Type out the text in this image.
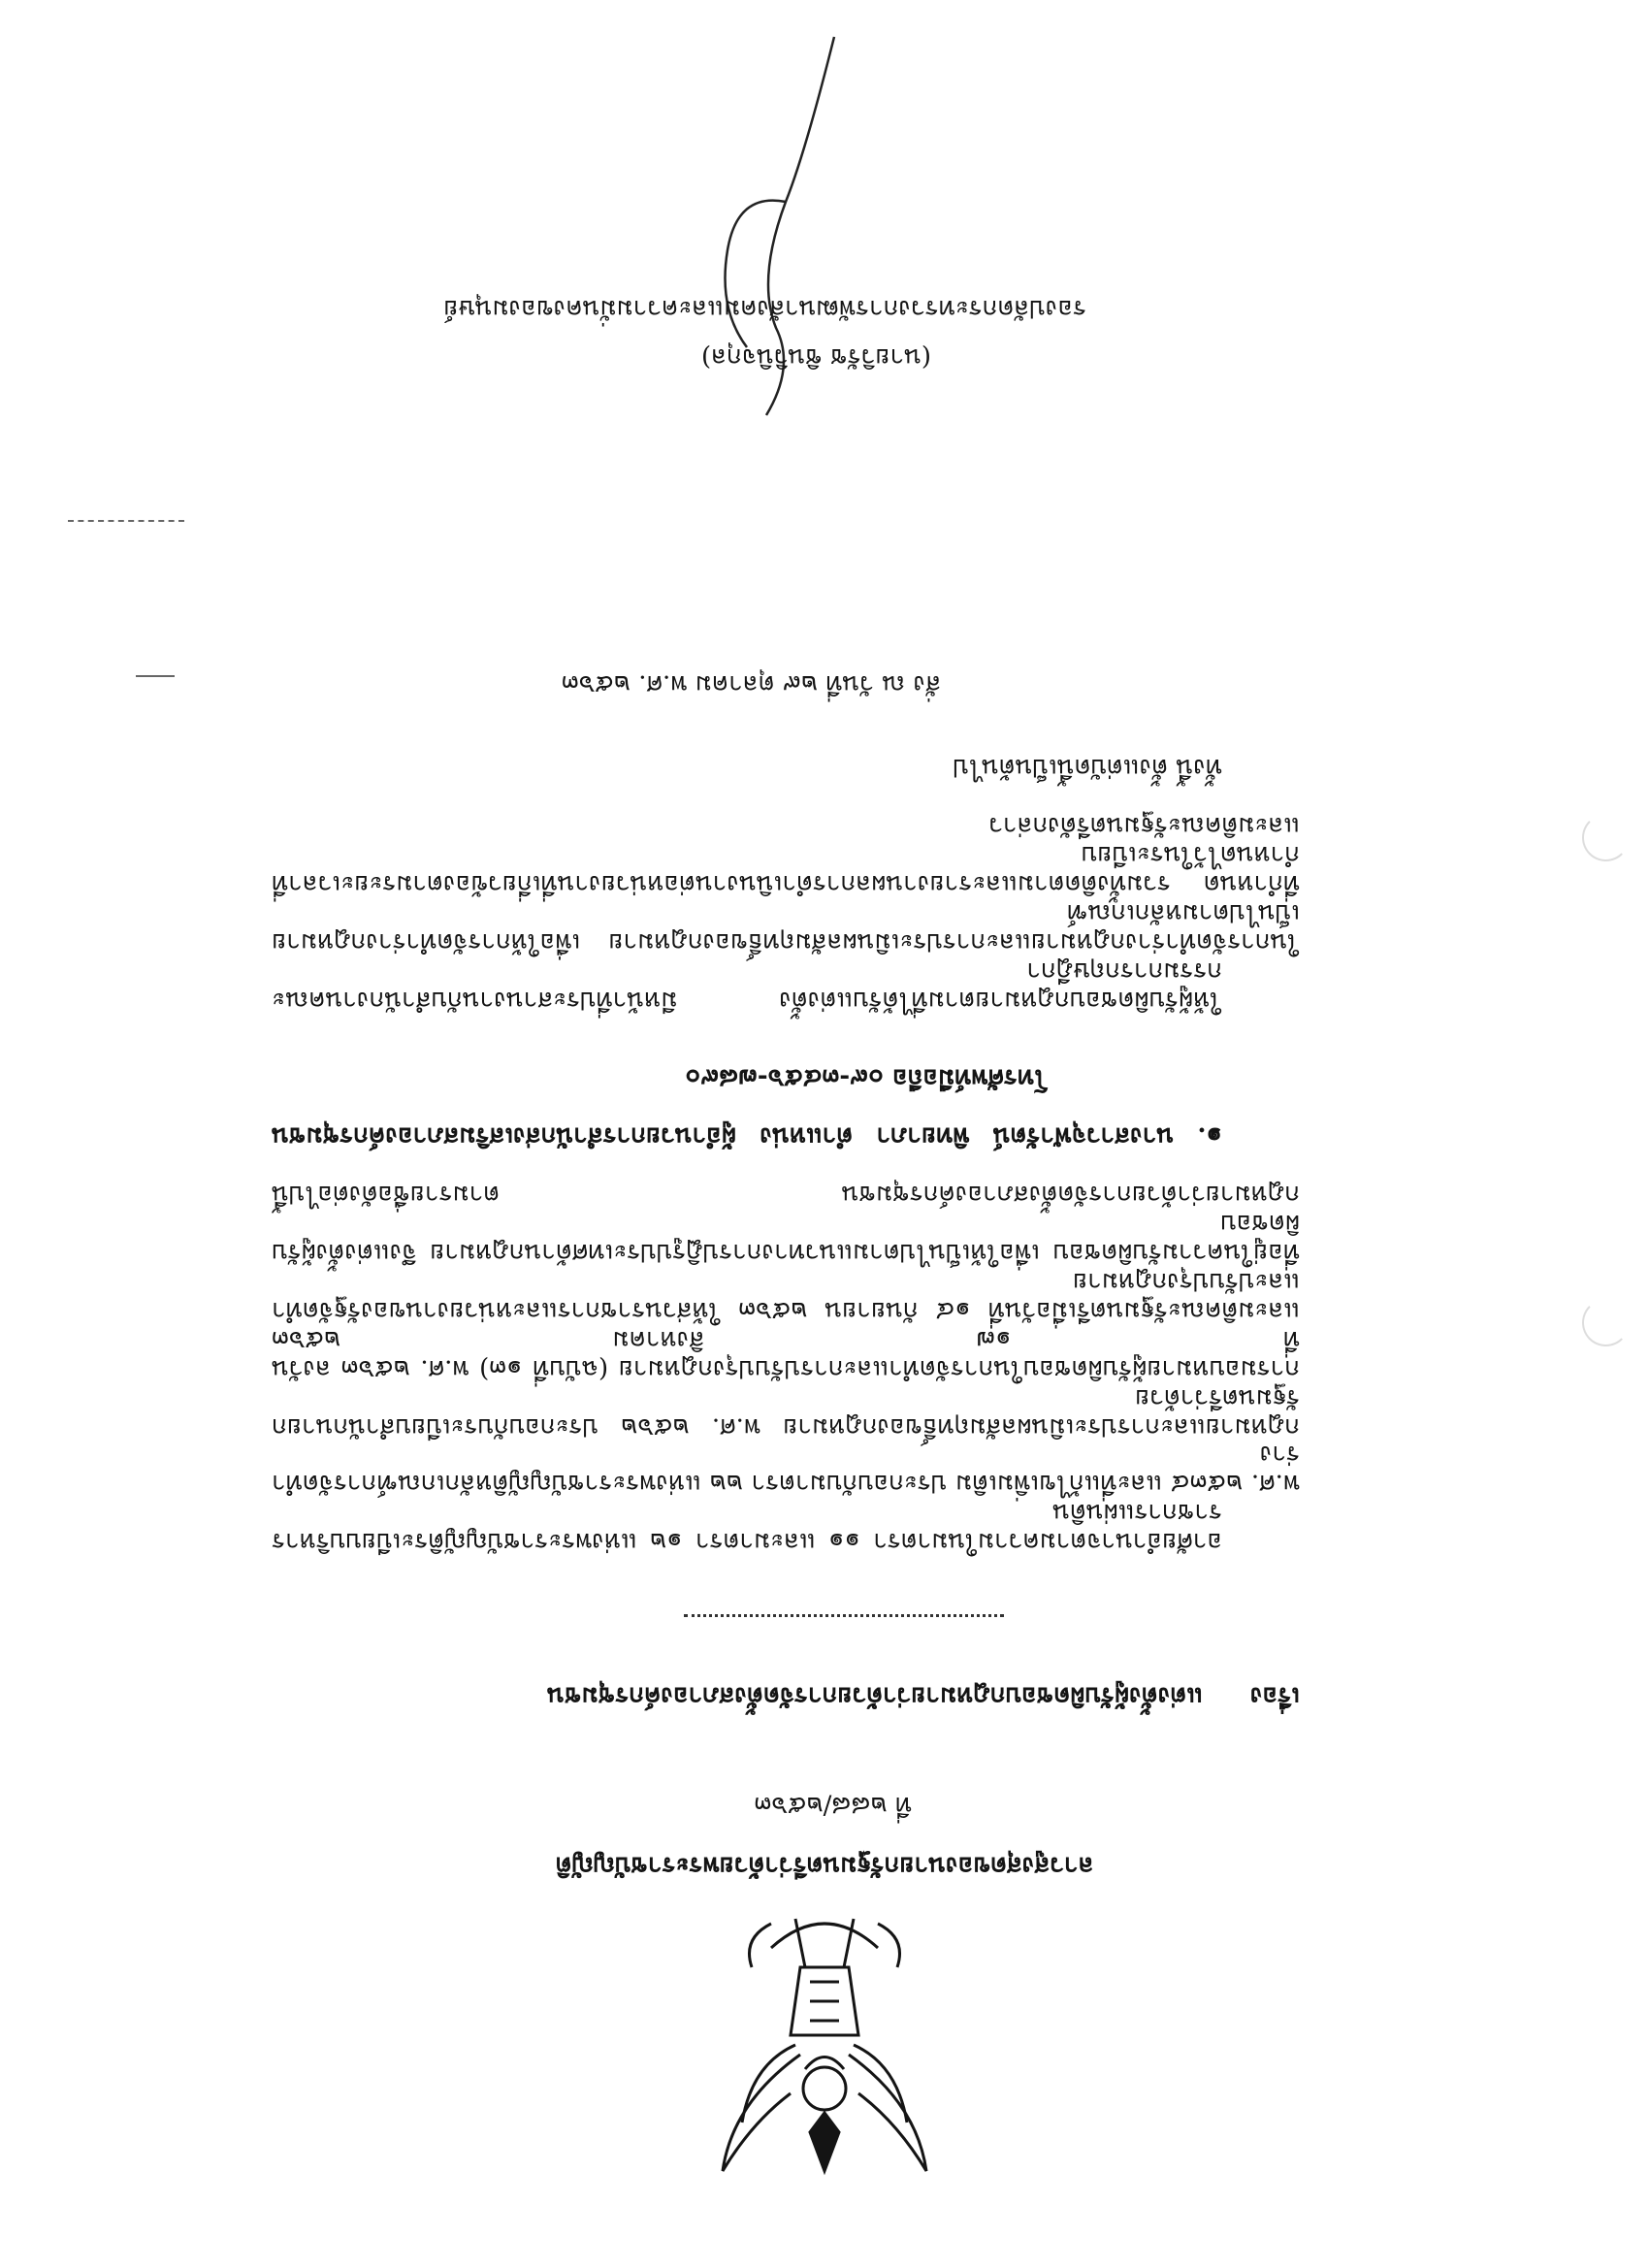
ลาวสูงสุดของนายกรัฐมนตรีว่าด้วยพระราชบัญญัติ
ที่ ๒๘๘/๒๕๖๓
เรื่อง
แต่งตั้งผู้รับผิดชอบกฎหมายว่าด้วยการจัดตั้งสภาองค์กรชุมชน
อาศัยอำนาจตามความในมาตรา ๑๑ และมาตรา ๑๒ แห่งพระราชบัญญัติระเบียบบริหารราชการแผ่นดิน
พ.ศ. ๒๕๓๔ และที่แก้ไขเพิ่มเติม ประกอบกับมาตรา ๒๒ แห่งพระราชบัญญัติหลักเกณฑ์การจัดทำร่าง
กฎหมายและการประเมินผลสัมฤทธิ์ของกฎหมาย พ.ศ. ๒๕๖๒ ประกอบกับระเบียบสำนักนายกรัฐมนตรีว่าด้วย
การมอบหมายผู้รับผิดชอบในการจัดทำและการปรับปรุงกฎหมาย (ฉบับที่ ๑๓) พ.ศ. ๒๕๖๓ ลงวันที่ ๑๗ สิงหาคม ๒๕๖๓
และมติคณะรัฐมนตรีเมื่อวันที่ ๑๔ กันยายน ๒๕๖๓ ให้ส่วนราชการและหน่วยงานของรัฐจัดทำและปรับปรุงกฎหมาย
ที่อยู่ในความรับผิดชอบ เพื่อให้เป็นไปตามแนวทางการปฏิรูปประเทศด้านกฎหมาย จึงแต่งตั้งผู้รับผิดชอบ
กฎหมายว่าด้วยการจัดตั้งสภาองค์กรชุมชน ตามรายชื่อดังต่อไปนี้
๑. นางสาวจุฬารัตน์ พิทยาภา ตำแหน่ง ผู้อำนวยการสำนักส่งเสริมสภาองค์กรชุมชน
โทรศัพท์มือถือ ๐๙-๓๔๕๖-๗๘๙๐
ให้ผู้รับผิดชอบกฎหมายตามที่ได้รับแต่งตั้ง มีหน้าที่ประสานงานกับสำนักงานคณะกรรมการกฤษฎีกา
ในการจัดทำร่างกฎหมายและการประเมินผลสัมฤทธิ์ของกฎหมาย เพื่อให้การจัดทำร่างกฎหมายเป็นไปตามหลักเกณฑ์
ที่กำหนด รวมทั้งติดตามและรายงานผลการดำเนินงานต่อหน่วยงานที่เกี่ยวข้องตามระยะเวลาที่กำหนดไว้ในระเบียบ
และมติคณะรัฐมนตรีดังกล่าว
ทั้งนี้ ตั้งแต่บัดนี้เป็นต้นไป
สั่ง ณ วันที่ ๒๙ ตุลาคม พ.ศ. ๒๕๖๓
(นายวิรัช ชินวินิจกุล)
รองปลัดกระทรวงการพัฒนาสังคมและความมั่นคงของมนุษย์
